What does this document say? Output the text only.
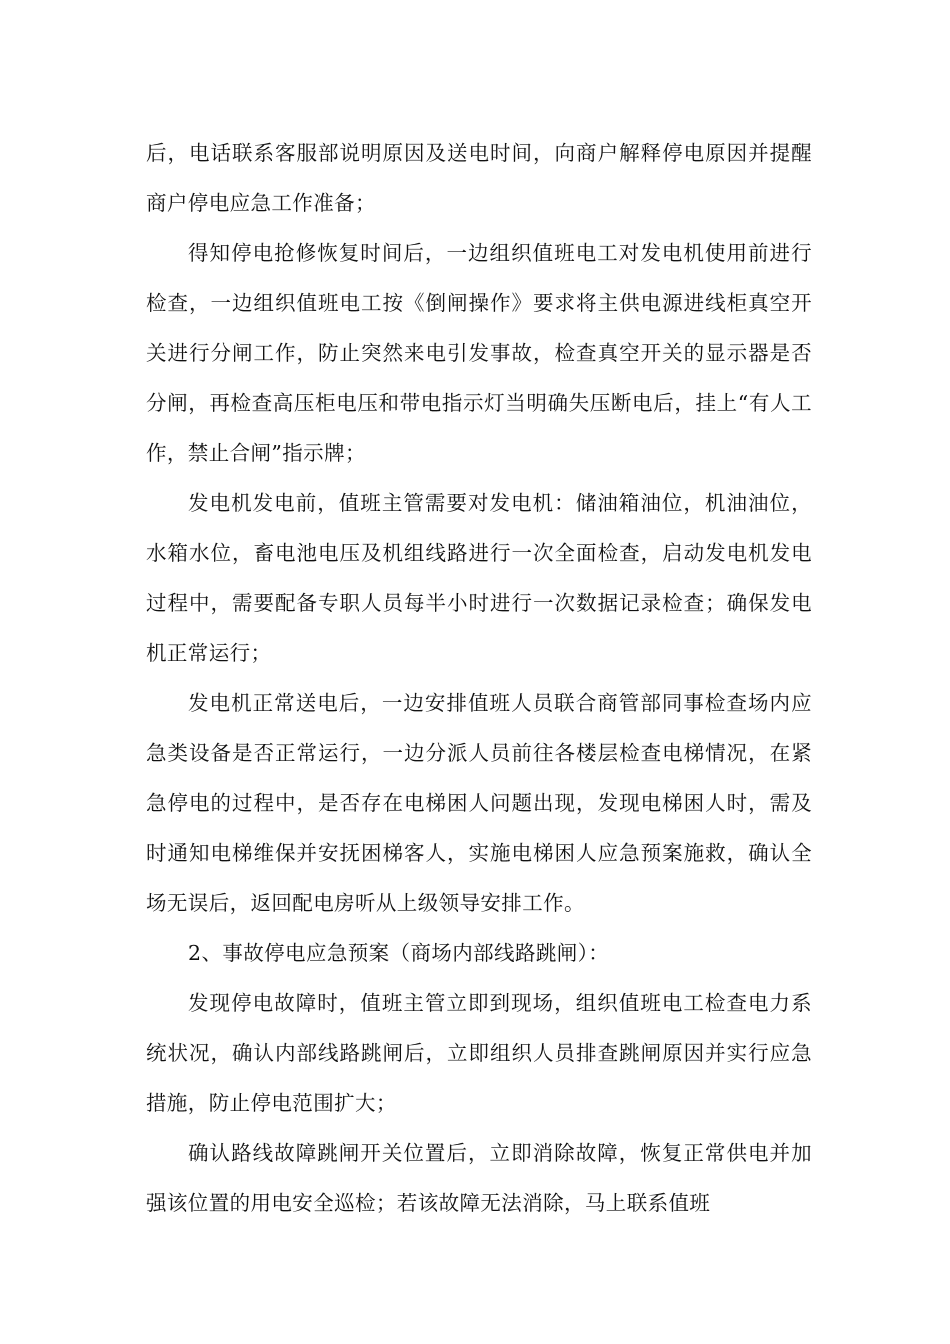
后，电话联系客服部说明原因及送电时间，向商户解释停电原因并提醒商户停电应急工作准备；

得知停电抢修恢复时间后，一边组织值班电工对发电机使用前进行检查，一边组织值班电工按《倒闸操作》要求将主供电源进线柜真空开关进行分闸工作，防止突然来电引发事故，检查真空开关的显示器是否分闸，再检查高压柜电压和带电指示灯当明确失压断电后，挂上“有人工作，禁止合闸”指示牌；

发电机发电前，值班主管需要对发电机：储油箱油位，机油油位，水箱水位，畜电池电压及机组线路进行一次全面检查，启动发电机发电过程中，需要配备专职人员每半小时进行一次数据记录检查；确保发电机正常运行；

发电机正常送电后，一边安排值班人员联合商管部同事检查场内应急类设备是否正常运行，一边分派人员前往各楼层检查电梯情况，在紧急停电的过程中，是否存在电梯困人问题出现，发现电梯困人时，需及时通知电梯维保并安抚困梯客人，实施电梯困人应急预案施救，确认全场无误后，返回配电房听从上级领导安排工作。

2、事故停电应急预案（商场内部线路跳闸）：

发现停电故障时，值班主管立即到现场，组织值班电工检查电力系统状况，确认内部线路跳闸后，立即组织人员排查跳闸原因并实行应急措施，防止停电范围扩大；

确认路线故障跳闸开关位置后，立即消除故障，恢复正常供电并加强该位置的用电安全巡检；若该故障无法消除，马上联系值班
